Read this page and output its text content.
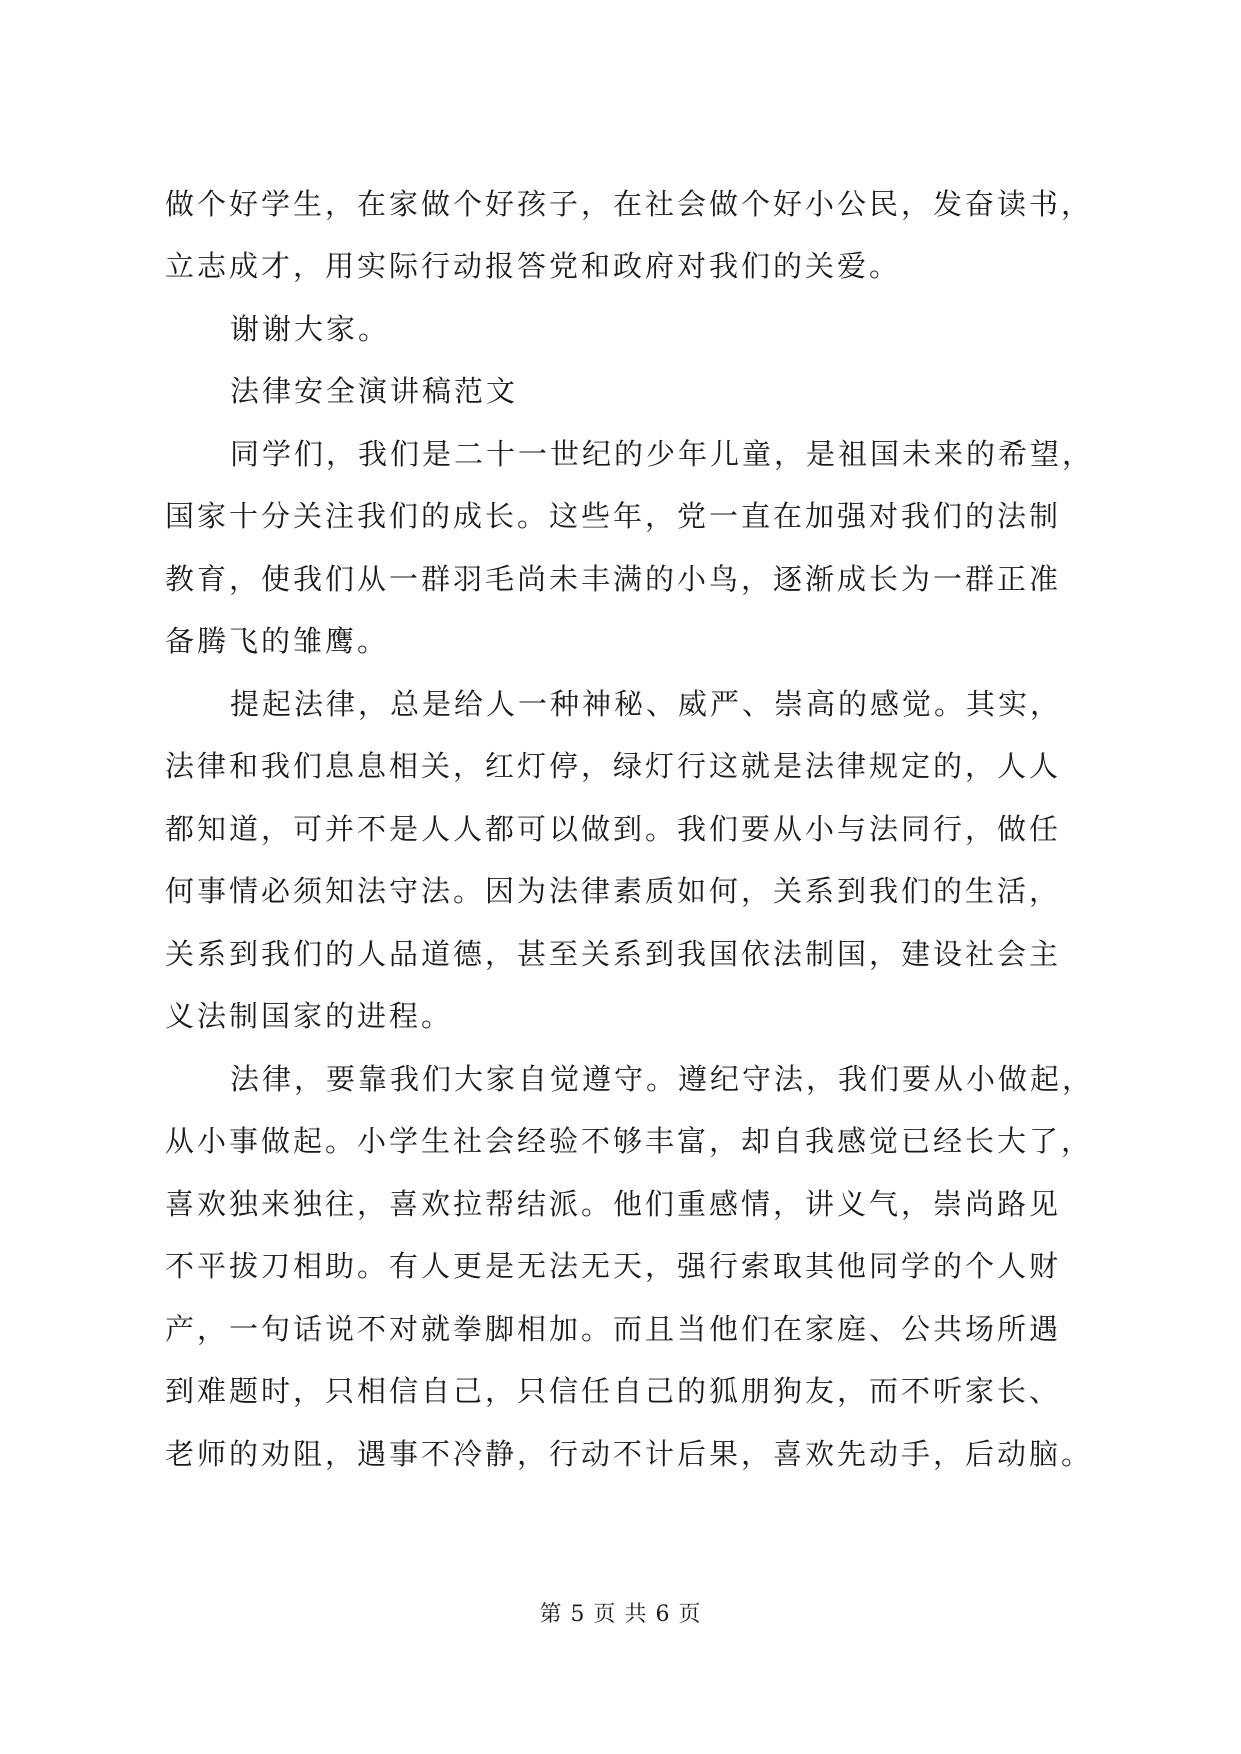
做个好学生，在家做个好孩子，在社会做个好小公民，发奋读书，
立志成才，用实际行动报答党和政府对我们的关爱。
谢谢大家。
法律安全演讲稿范文
同学们，我们是二十一世纪的少年儿童，是祖国未来的希望，
国家十分关注我们的成长。这些年，党一直在加强对我们的法制
教育，使我们从一群羽毛尚未丰满的小鸟，逐渐成长为一群正准
备腾飞的雏鹰。
提起法律，总是给人一种神秘、威严、崇高的感觉。其实，
法律和我们息息相关，红灯停，绿灯行这就是法律规定的，人人
都知道，可并不是人人都可以做到。我们要从小与法同行，做任
何事情必须知法守法。因为法律素质如何，关系到我们的生活，
关系到我们的人品道德，甚至关系到我国依法制国，建设社会主
义法制国家的进程。
法律，要靠我们大家自觉遵守。遵纪守法，我们要从小做起，
从小事做起。小学生社会经验不够丰富，却自我感觉已经长大了，
喜欢独来独往，喜欢拉帮结派。他们重感情，讲义气，崇尚路见
不平拔刀相助。有人更是无法无天，强行索取其他同学的个人财
产，一句话说不对就拳脚相加。而且当他们在家庭、公共场所遇
到难题时，只相信自己，只信任自己的狐朋狗友，而不听家长、
老师的劝阻，遇事不冷静，行动不计后果，喜欢先动手，后动脑。
第 5 页 共 6 页
